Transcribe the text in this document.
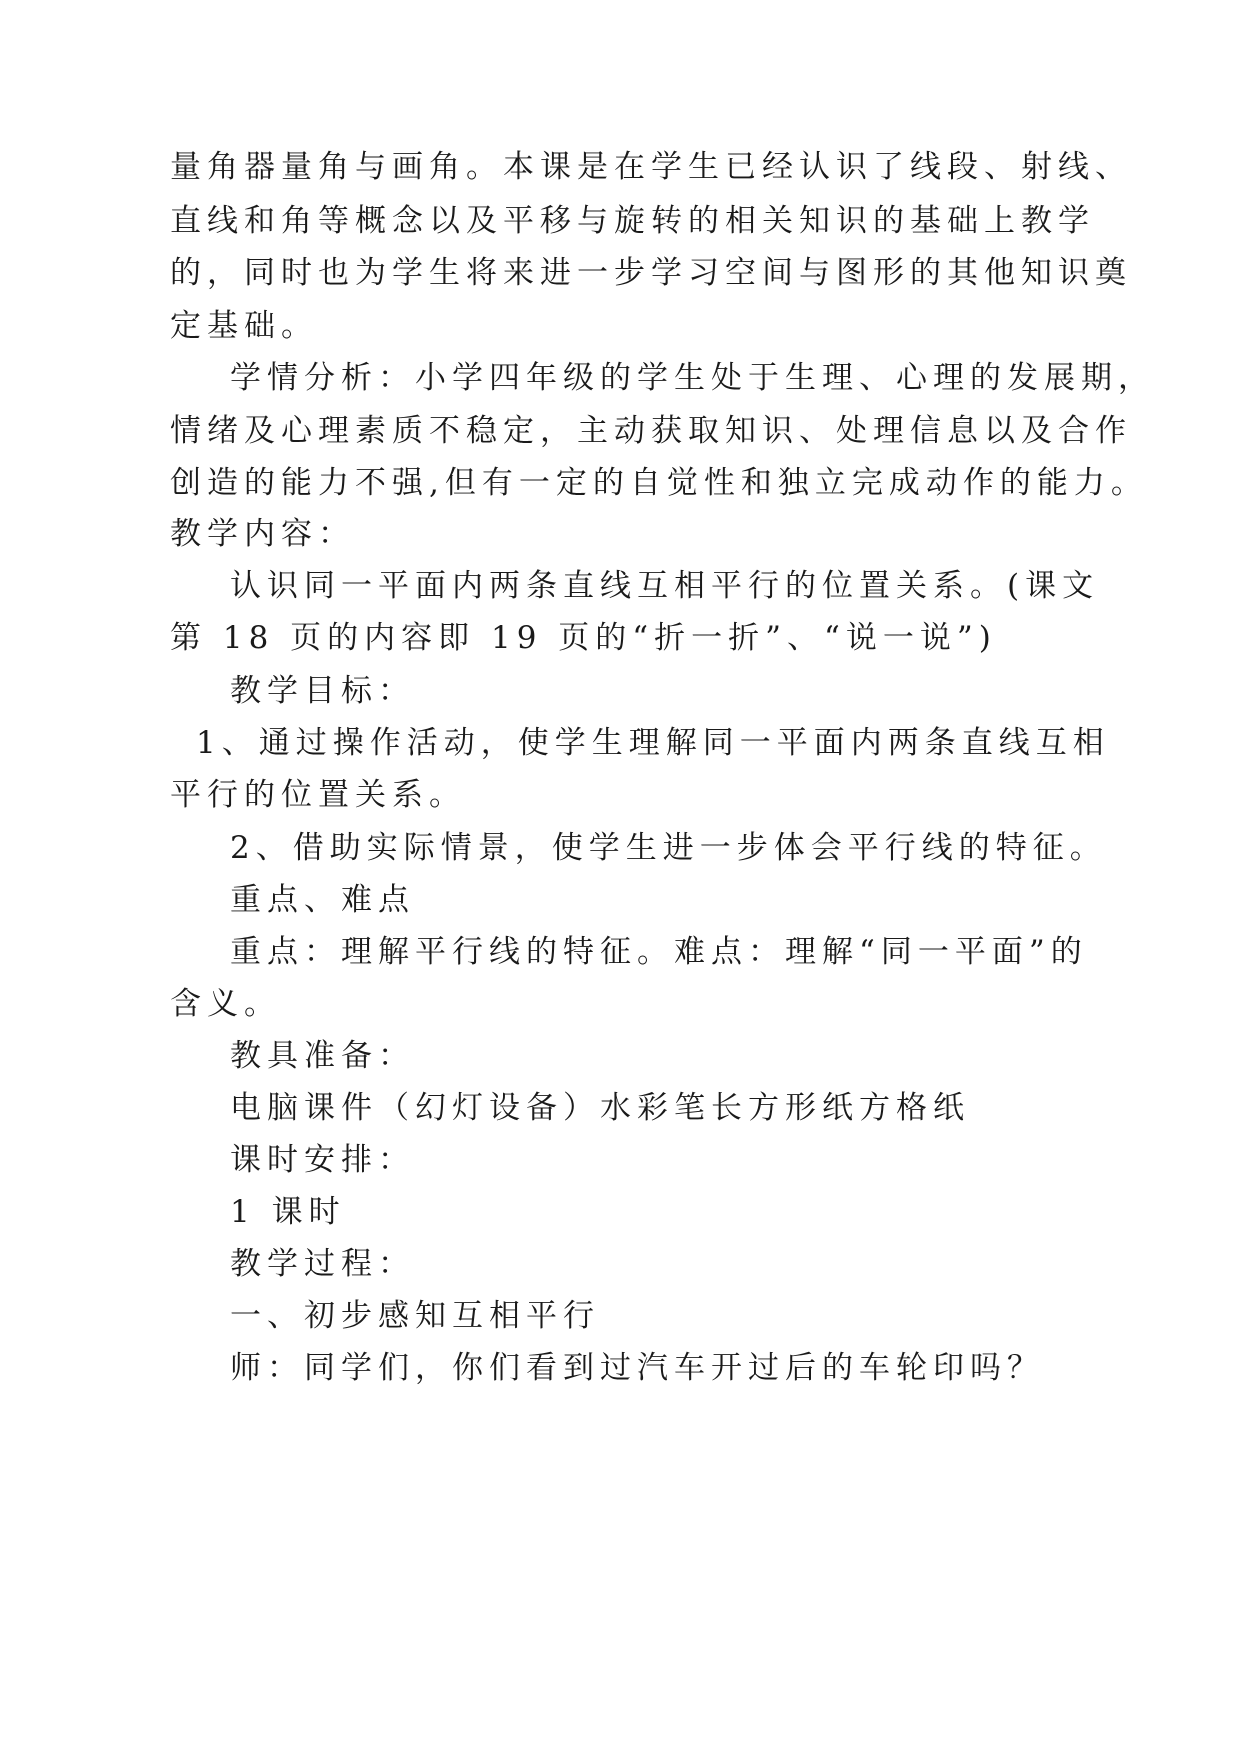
量角器量角与画角。本课是在学生已经认识了线段、射线、

直线和角等概念以及平移与旋转的相关知识的基础上教学

的，同时也为学生将来进一步学习空间与图形的其他知识奠

定基础。

学情分析：小学四年级的学生处于生理、心理的发展期，

情绪及心理素质不稳定，主动获取知识、处理信息以及合作

创造的能力不强,但有一定的自觉性和独立完成动作的能力。

教学内容：

认识同一平面内两条直线互相平行的位置关系。(课文

第 18 页的内容即 19 页的“折一折”、“说一说”)

教学目标：

1、通过操作活动，使学生理解同一平面内两条直线互相

平行的位置关系。

2、借助实际情景，使学生进一步体会平行线的特征。

重点、难点

重点：理解平行线的特征。难点：理解“同一平面”的

含义。

教具准备：

电脑课件（幻灯设备）水彩笔长方形纸方格纸

课时安排：

1 课时

教学过程：

一、初步感知互相平行

师：同学们，你们看到过汽车开过后的车轮印吗？
